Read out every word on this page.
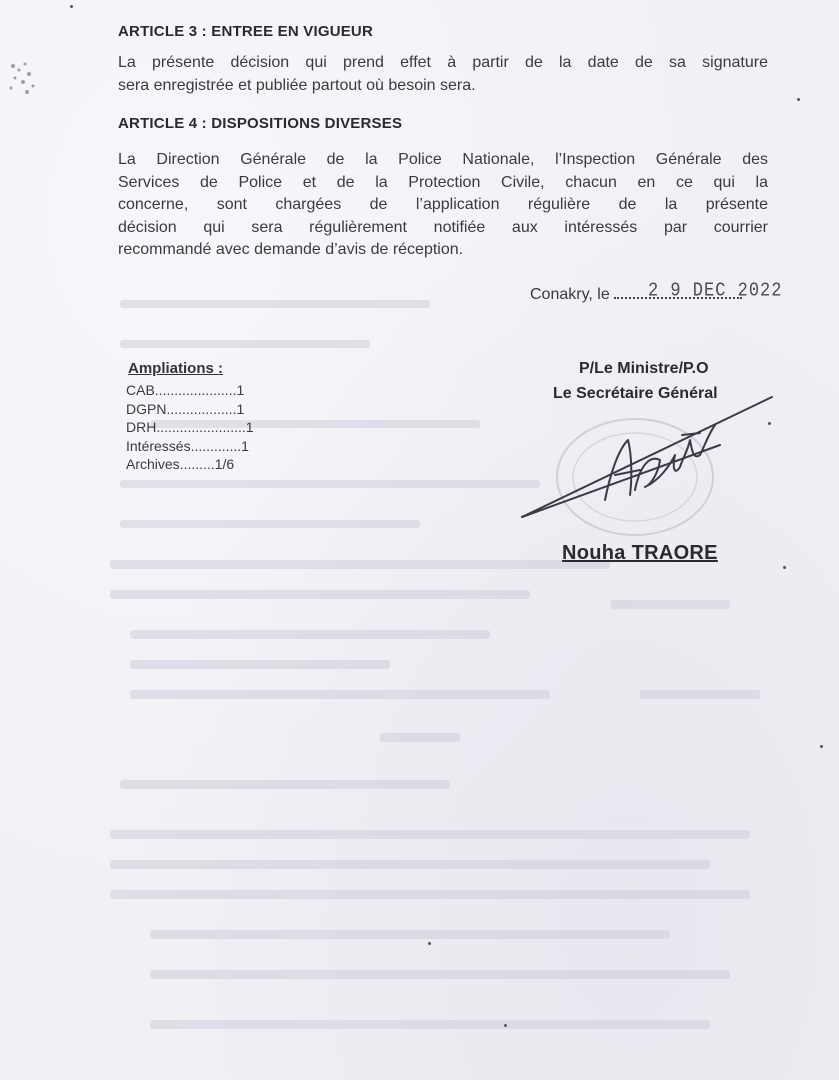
ARTICLE 3 : ENTREE EN VIGUEUR
La présente décision qui prend effet à partir de la date de sa signature
sera enregistrée et publiée partout où besoin sera.
ARTICLE 4 : DISPOSITIONS DIVERSES
La Direction Générale de la Police Nationale, l’Inspection Générale des
Services de Police et de la Protection Civile, chacun en ce qui la
concerne, sont chargées de l’application régulière de la présente
décision qui sera régulièrement notifiée aux intéressés par courrier
recommandé avec demande d’avis de réception.
Conakry, le	2 9 DEC 2022
Ampliations :
CAB.....................1
DGPN..................1
DRH.......................1
Intéressés.............1
Archives.........1/6
P/Le Ministre/P.O
Le Secrétaire Général
Nouha TRAORE
